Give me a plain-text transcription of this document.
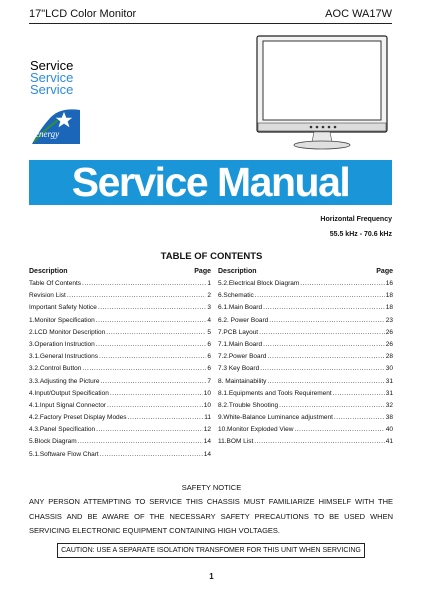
17"LCD Color Monitor	AOC WA17W
Service
Service
Service
energy
Service Manual
Horizontal Frequency
55.5 kHz - 70.6 kHz
TABLE OF CONTENTS
Description	Page Description	Page
Table Of Contents .....	1
Revision List .....	2
Important Safety Notice .....	3
1.Monitor Specification .....	4
2.LCD Monitor Description .....	5
3.Operation Instruction .....	6
3.1.General Instructions .....	6
3.2.Control Button .....	6
3.3.Adjusting the Picture .....	7
4.Input/Output Specification .....	10
4.1.Input Signal Connector .....	10
4.2.Factory Preset Display Modes .....	11
4.3.Panel Specification .....	12
5.Block Diagram .....	14
5.1.Software Flow Chart .....	14
5.2.Electrical Block Diagram .....	16
6.Schematic .....	18
6.1.Main Board .....	18
6.2. Power Board .....	23
7.PCB Layout .....	26
7.1.Main Board .....	26
7.2.Power Board .....	28
7.3 Key Board .....	30
8. Maintainability .....	31
8.1.Equipments and Tools Requirement .....	31
8.2.Trouble Shooting .....	32
9.White-Balance Luminance adjustment .....	38
10.Monitor Exploded View .....	40
11.BOM List .....	41
SAFETY NOTICE
ANY PERSON ATTEMPTING TO SERVICE THIS CHASSIS MUST FAMILIARIZE HIMSELF WITH THE CHASSIS AND BE AWARE OF THE NECESSARY SAFETY PRECAUTIONS TO BE USED WHEN SERVICING ELECTRONIC EQUIPMENT CONTAINING HIGH VOLTAGES.
CAUTION: USE A SEPARATE ISOLATION TRANSFOMER FOR THIS UNIT WHEN SERVICING
1
